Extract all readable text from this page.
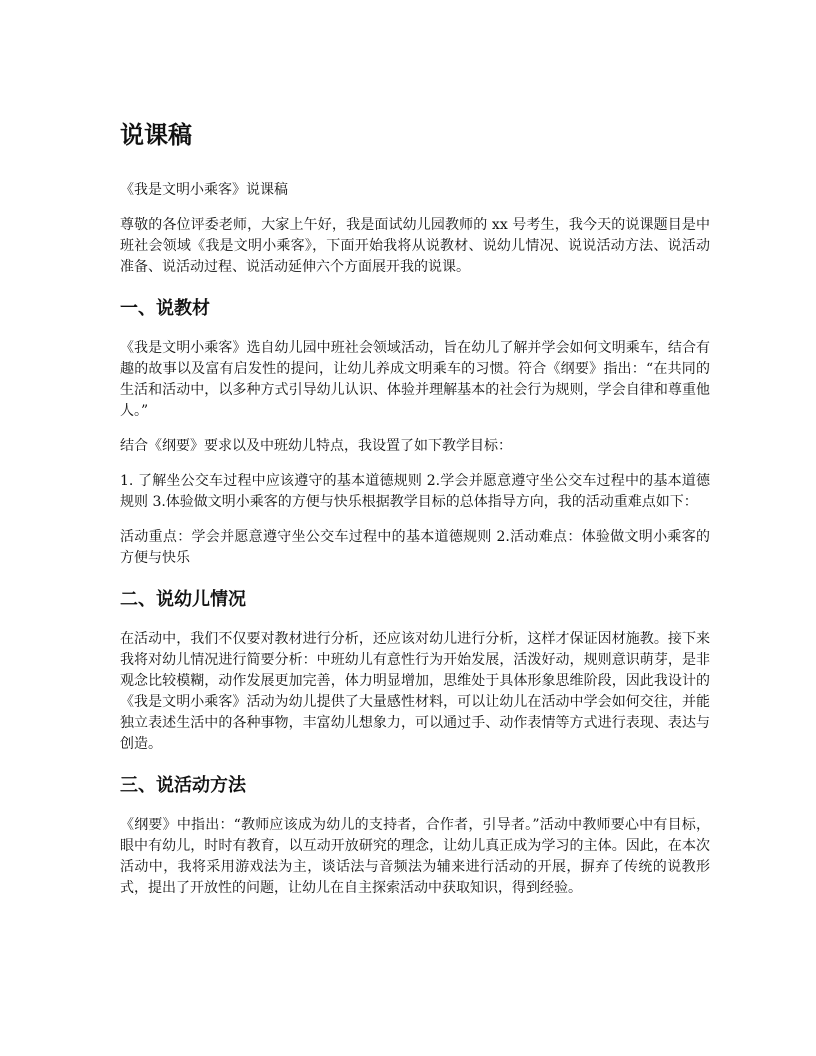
说课稿

《我是文明小乘客》说课稿

尊敬的各位评委老师，大家上午好，我是面试幼儿园教师的 xx 号考生，我今天的说课题目是中班社会领域《我是文明小乘客》，下面开始我将从说教材、说幼儿情况、说说活动方法、说活动准备、说活动过程、说活动延伸六个方面展开我的说课。

一、说教材

《我是文明小乘客》选自幼儿园中班社会领域活动，旨在幼儿了解并学会如何文明乘车，结合有趣的故事以及富有启发性的提问，让幼儿养成文明乘车的习惯。符合《纲要》指出：“在共同的生活和活动中，以多种方式引导幼儿认识、体验并理解基本的社会行为规则，学会自律和尊重他人。”

结合《纲要》要求以及中班幼儿特点，我设置了如下教学目标：

1. 了解坐公交车过程中应该遵守的基本道德规则 2.学会并愿意遵守坐公交车过程中的基本道德规则 3.体验做文明小乘客的方便与快乐根据教学目标的总体指导方向，我的活动重难点如下：

活动重点：学会并愿意遵守坐公交车过程中的基本道德规则 2.活动难点：体验做文明小乘客的方便与快乐

二、说幼儿情况

在活动中，我们不仅要对教材进行分析，还应该对幼儿进行分析，这样才保证因材施教。接下来我将对幼儿情况进行简要分析：中班幼儿有意性行为开始发展，活泼好动，规则意识萌芽，是非观念比较模糊，动作发展更加完善，体力明显增加，思维处于具体形象思维阶段，因此我设计的《我是文明小乘客》活动为幼儿提供了大量感性材料，可以让幼儿在活动中学会如何交往，并能独立表述生活中的各种事物，丰富幼儿想象力，可以通过手、动作表情等方式进行表现、表达与创造。

三、说活动方法

《纲要》中指出：“教师应该成为幼儿的支持者，合作者，引导者。”活动中教师要心中有目标，眼中有幼儿，时时有教育，以互动开放研究的理念，让幼儿真正成为学习的主体。因此，在本次活动中，我将采用游戏法为主，谈话法与音频法为辅来进行活动的开展，摒弃了传统的说教形式，提出了开放性的问题，让幼儿在自主探索活动中获取知识，得到经验。
